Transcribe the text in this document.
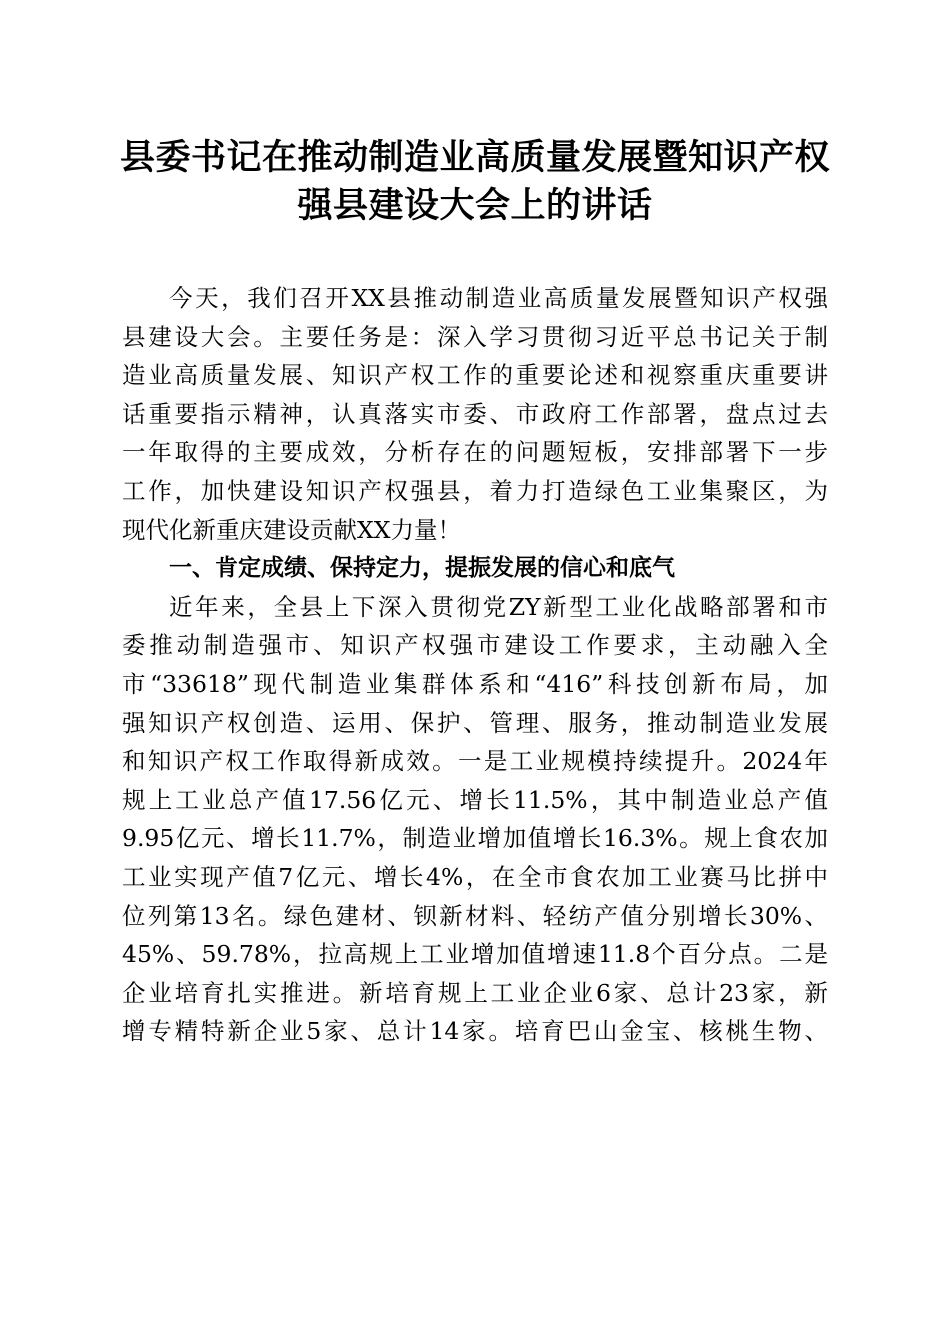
县委书记在推动制造业高质量发展暨知识产权
强县建设大会上的讲话
今天，我们召开XX县推动制造业高质量发展暨知识产权强
县建设大会。主要任务是：深入学习贯彻习近平总书记关于制
造业高质量发展、知识产权工作的重要论述和视察重庆重要讲
话重要指示精神，认真落实市委、市政府工作部署，盘点过去
一年取得的主要成效，分析存在的问题短板，安排部署下一步
工作，加快建设知识产权强县，着力打造绿色工业集聚区，为
现代化新重庆建设贡献XX力量！

一、肯定成绩、保持定力，提振发展的信心和底气

近年来，全县上下深入贯彻党ZY新型工业化战略部署和市
委推动制造强市、知识产权强市建设工作要求，主动融入全
市“33618”现代制造业集群体系和“416”科技创新布局，加
强知识产权创造、运用、保护、管理、服务，推动制造业发展
和知识产权工作取得新成效。一是工业规模持续提升。2024年
规上工业总产值17.56亿元、增长11.5%，其中制造业总产值
9.95亿元、增长11.7%，制造业增加值增长16.3%。规上食农加
工业实现产值7亿元、增长4%，在全市食农加工业赛马比拼中
位列第13名。绿色建材、钡新材料、轻纺产值分别增长30%、
45%、59.78%，拉高规上工业增加值增速11.8个百分点。二是
企业培育扎实推进。新培育规上工业企业6家、总计23家，新
增专精特新企业5家、总计14家。培育巴山金宝、核桃生物、
